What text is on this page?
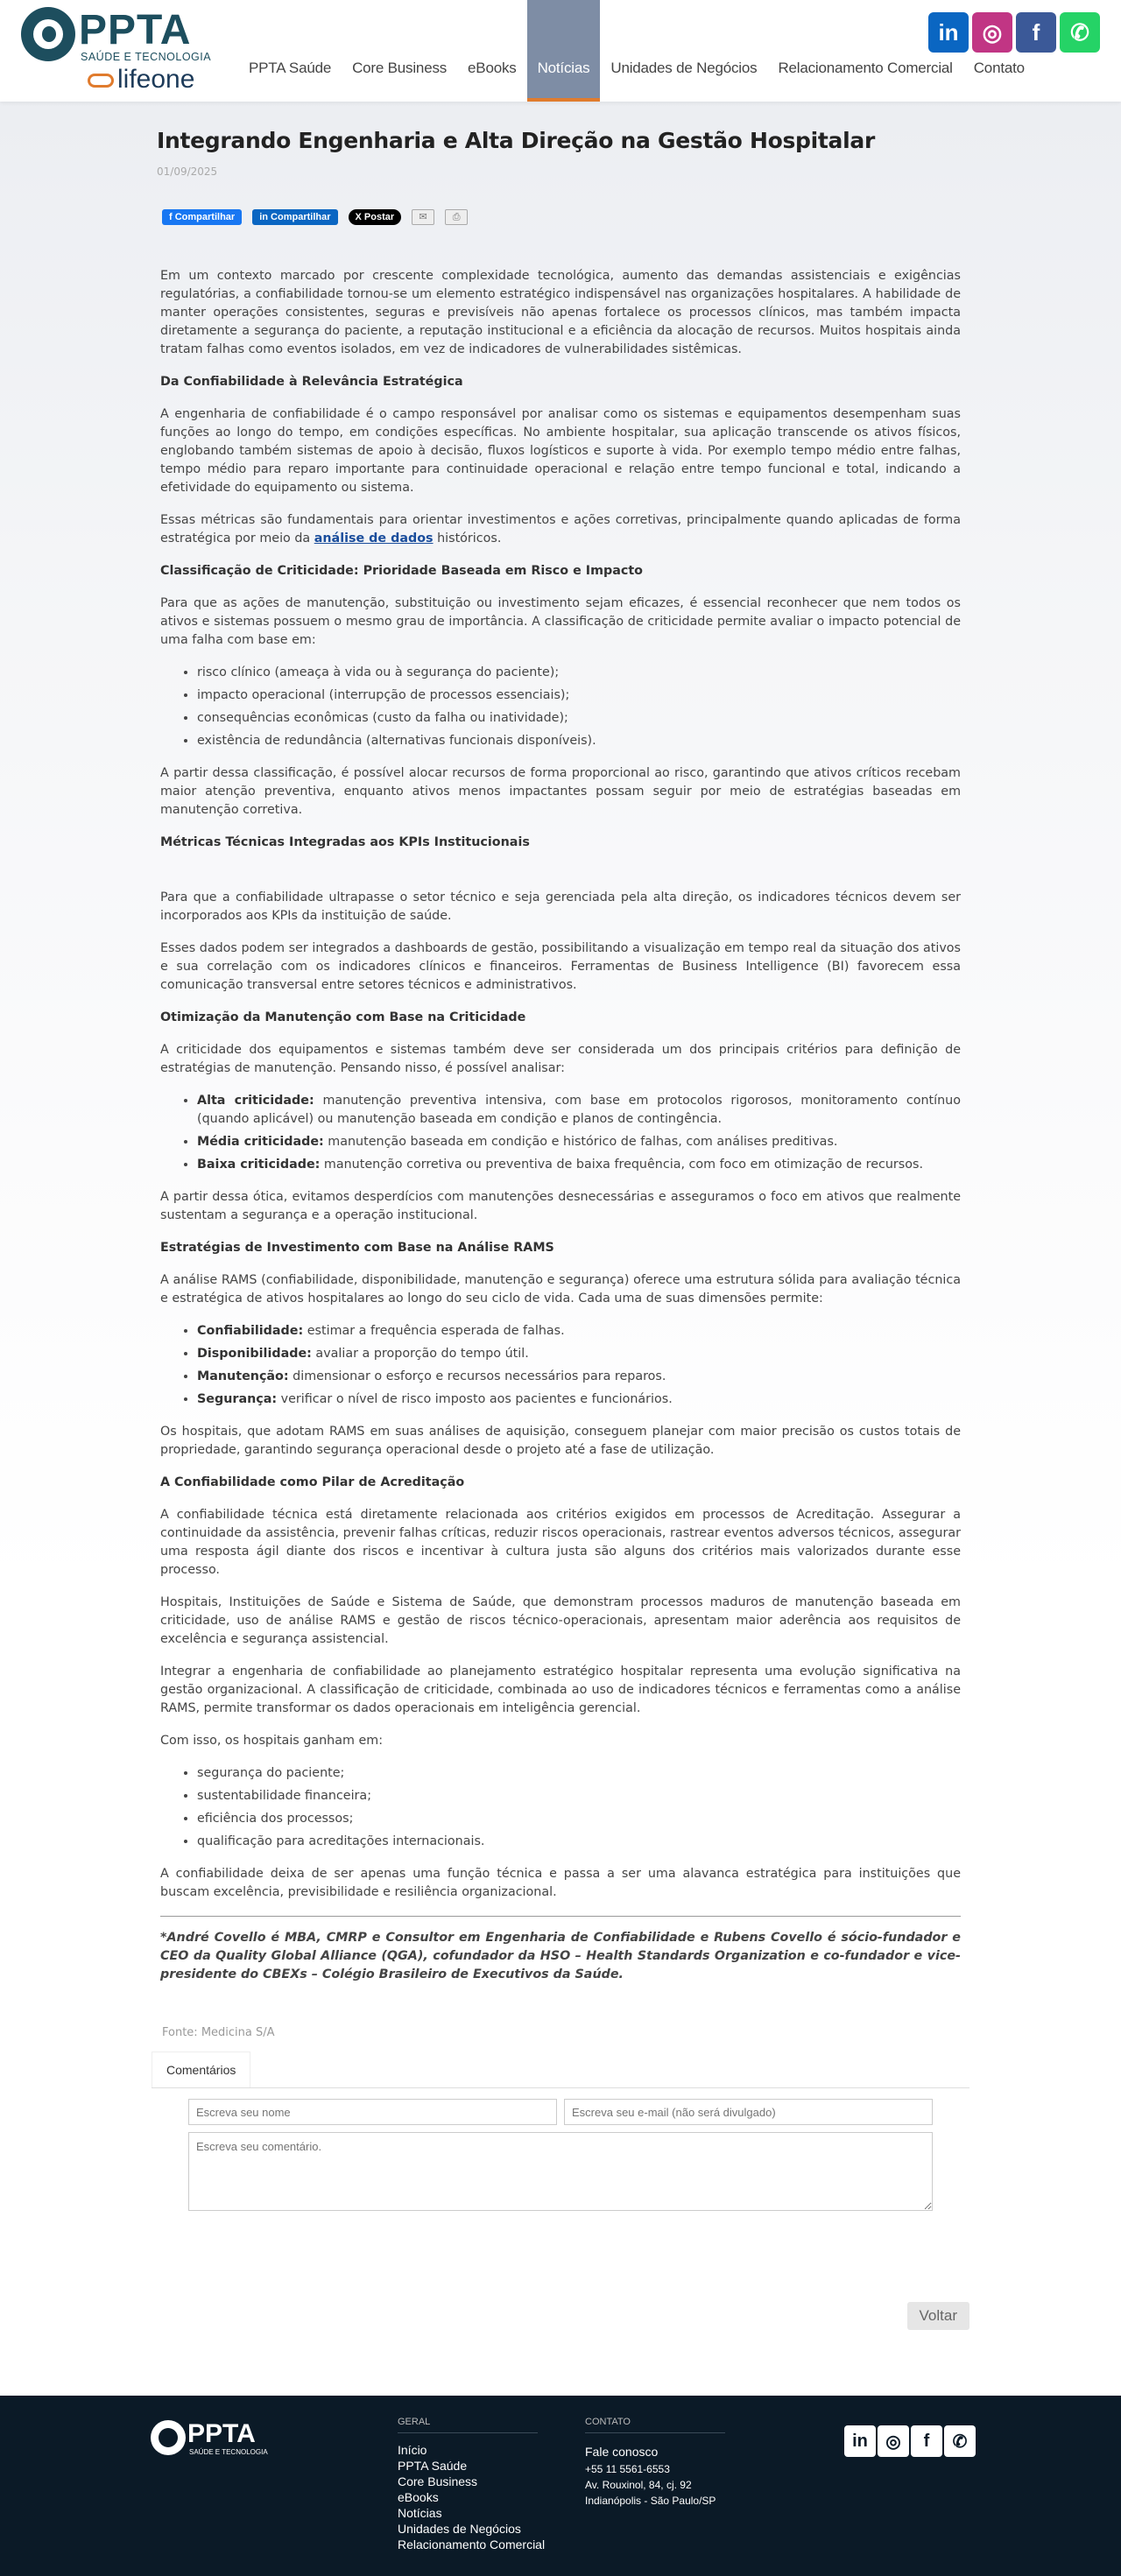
PPTA
SAÚDE E TECNOLOGIA
lifeone	PPTA Saúde	Core Business	eBooks	Notícias	Unidades de Negócios	Relacionamento Comercial	Contato
in	◎	f	✆
Integrando Engenharia e Alta Direção na Gestão Hospitalar
01/09/2025
f Compartilhar	in Compartilhar	X Postar	✉	⎙

Em um contexto marcado por crescente complexidade tecnológica, aumento das demandas assistenciais e exigências regulatórias, a confiabilidade tornou-se um elemento estratégico indispensável nas organizações hospitalares. A habilidade de manter operações consistentes, seguras e previsíveis não apenas fortalece os processos clínicos, mas também impacta diretamente a segurança do paciente, a reputação institucional e a eficiência da alocação de recursos. Muitos hospitais ainda tratam falhas como eventos isolados, em vez de indicadores de vulnerabilidades sistêmicas.

Da Confiabilidade à Relevância Estratégica

A engenharia de confiabilidade é o campo responsável por analisar como os sistemas e equipamentos desempenham suas funções ao longo do tempo, em condições específicas. No ambiente hospitalar, sua aplicação transcende os ativos físicos, englobando também sistemas de apoio à decisão, fluxos logísticos e suporte à vida. Por exemplo tempo médio entre falhas, tempo médio para reparo importante para continuidade operacional e relação entre tempo funcional e total, indicando a efetividade do equipamento ou sistema.

Essas métricas são fundamentais para orientar investimentos e ações corretivas, principalmente quando aplicadas de forma estratégica por meio da análise de dados históricos.

Classificação de Criticidade: Prioridade Baseada em Risco e Impacto

Para que as ações de manutenção, substituição ou investimento sejam eficazes, é essencial reconhecer que nem todos os ativos e sistemas possuem o mesmo grau de importância. A classificação de criticidade permite avaliar o impacto potencial de uma falha com base em:

• risco clínico (ameaça à vida ou à segurança do paciente);
• impacto operacional (interrupção de processos essenciais);
• consequências econômicas (custo da falha ou inatividade);
• existência de redundância (alternativas funcionais disponíveis).

A partir dessa classificação, é possível alocar recursos de forma proporcional ao risco, garantindo que ativos críticos recebam maior atenção preventiva, enquanto ativos menos impactantes possam seguir por meio de estratégias baseadas em manutenção corretiva.

Métricas Técnicas Integradas aos KPIs Institucionais

Para que a confiabilidade ultrapasse o setor técnico e seja gerenciada pela alta direção, os indicadores técnicos devem ser incorporados aos KPIs da instituição de saúde.

Esses dados podem ser integrados a dashboards de gestão, possibilitando a visualização em tempo real da situação dos ativos e sua correlação com os indicadores clínicos e financeiros. Ferramentas de Business Intelligence (BI) favorecem essa comunicação transversal entre setores técnicos e administrativos.

Otimização da Manutenção com Base na Criticidade

A criticidade dos equipamentos e sistemas também deve ser considerada um dos principais critérios para definição de estratégias de manutenção. Pensando nisso, é possível analisar:

• Alta criticidade: manutenção preventiva intensiva, com base em protocolos rigorosos, monitoramento contínuo (quando aplicável) ou manutenção baseada em condição e planos de contingência.
• Média criticidade: manutenção baseada em condição e histórico de falhas, com análises preditivas.
• Baixa criticidade: manutenção corretiva ou preventiva de baixa frequência, com foco em otimização de recursos.

A partir dessa ótica, evitamos desperdícios com manutenções desnecessárias e asseguramos o foco em ativos que realmente sustentam a segurança e a operação institucional.

Estratégias de Investimento com Base na Análise RAMS

A análise RAMS (confiabilidade, disponibilidade, manutenção e segurança) oferece uma estrutura sólida para avaliação técnica e estratégica de ativos hospitalares ao longo do seu ciclo de vida. Cada uma de suas dimensões permite:

• Confiabilidade: estimar a frequência esperada de falhas.
• Disponibilidade: avaliar a proporção do tempo útil.
• Manutenção: dimensionar o esforço e recursos necessários para reparos.
• Segurança: verificar o nível de risco imposto aos pacientes e funcionários.

Os hospitais, que adotam RAMS em suas análises de aquisição, conseguem planejar com maior precisão os custos totais de propriedade, garantindo segurança operacional desde o projeto até a fase de utilização.

A Confiabilidade como Pilar de Acreditação

A confiabilidade técnica está diretamente relacionada aos critérios exigidos em processos de Acreditação. Assegurar a continuidade da assistência, prevenir falhas críticas, reduzir riscos operacionais, rastrear eventos adversos técnicos, assegurar uma resposta ágil diante dos riscos e incentivar à cultura justa são alguns dos critérios mais valorizados durante esse processo.

Hospitais, Instituições de Saúde e Sistema de Saúde, que demonstram processos maduros de manutenção baseada em criticidade, uso de análise RAMS e gestão de riscos técnico-operacionais, apresentam maior aderência aos requisitos de excelência e segurança assistencial.

Integrar a engenharia de confiabilidade ao planejamento estratégico hospitalar representa uma evolução significativa na gestão organizacional. A classificação de criticidade, combinada ao uso de indicadores técnicos e ferramentas como a análise RAMS, permite transformar os dados operacionais em inteligência gerencial.

Com isso, os hospitais ganham em:

• segurança do paciente;
• sustentabilidade financeira;
• eficiência dos processos;
• qualificação para acreditações internacionais.

A confiabilidade deixa de ser apenas uma função técnica e passa a ser uma alavanca estratégica para instituições que buscam excelência, previsibilidade e resiliência organizacional.

*André Covello é MBA, CMRP e Consultor em Engenharia de Confiabilidade e Rubens Covello é sócio-fundador e CEO da Quality Global Alliance (QGA), cofundador da HSO – Health Standards Organization e co-fundador e vice-presidente do CBEXs – Colégio Brasileiro de Executivos da Saúde.

Fonte: Medicina S/A
Comentários
Escreva seu nome
Escreva seu e-mail (não será divulgado)
Escreva seu comentário.
Voltar
PPTA
SAÚDE E TECNOLOGIA
GERAL
Início
PPTA Saúde
Core Business
eBooks
Notícias
Unidades de Negócios
Relacionamento Comercial
CONTATO
Fale conosco
+55 11 5561-6553
Av. Rouxinol, 84, cj. 92
Indianópolis - São Paulo/SP
in	◎	f	✆
